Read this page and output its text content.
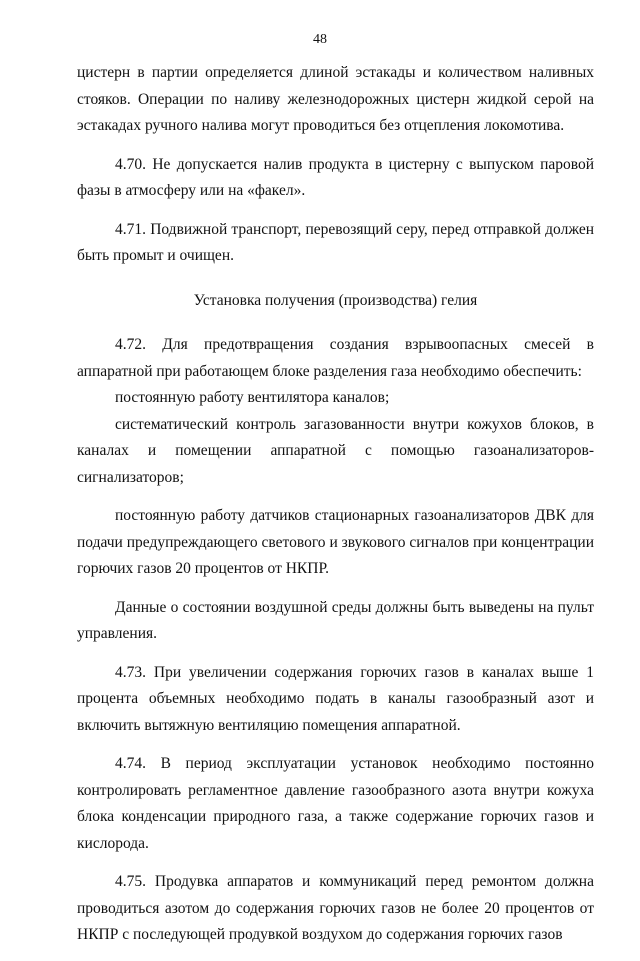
48

цистерн в партии определяется длиной эстакады и количеством наливных стояков. Операции по наливу железнодорожных цистерн жидкой серой на эстакадах ручного налива могут проводиться без отцепления локомотива.

4.70. Не допускается налив продукта в цистерну с выпуском паровой фазы в атмосферу или на «факел».

4.71. Подвижной транспорт, перевозящий серу, перед отправкой должен быть промыт и очищен.

Установка получения (производства) гелия

4.72. Для предотвращения создания взрывоопасных смесей в аппаратной при работающем блоке разделения газа необходимо обеспечить:

постоянную работу вентилятора каналов;

систематический контроль загазованности внутри кожухов блоков, в каналах и помещении аппаратной с помощью газоанализаторов-сигнализаторов;

постоянную работу датчиков стационарных газоанализаторов ДВК для подачи предупреждающего светового и звукового сигналов при концентрации горючих газов 20 процентов от НКПР.

Данные о состоянии воздушной среды должны быть выведены на пульт управления.

4.73. При увеличении содержания горючих газов в каналах выше 1 процента объемных необходимо подать в каналы газообразный азот и включить вытяжную вентиляцию помещения аппаратной.

4.74. В период эксплуатации установок необходимо постоянно контролировать регламентное давление газообразного азота внутри кожуха блока конденсации природного газа, а также содержание горючих газов и кислорода.

4.75. Продувка аппаратов и коммуникаций перед ремонтом должна проводиться азотом до содержания горючих газов не более 20 процентов от НКПР с последующей продувкой воздухом до содержания горючих газов
